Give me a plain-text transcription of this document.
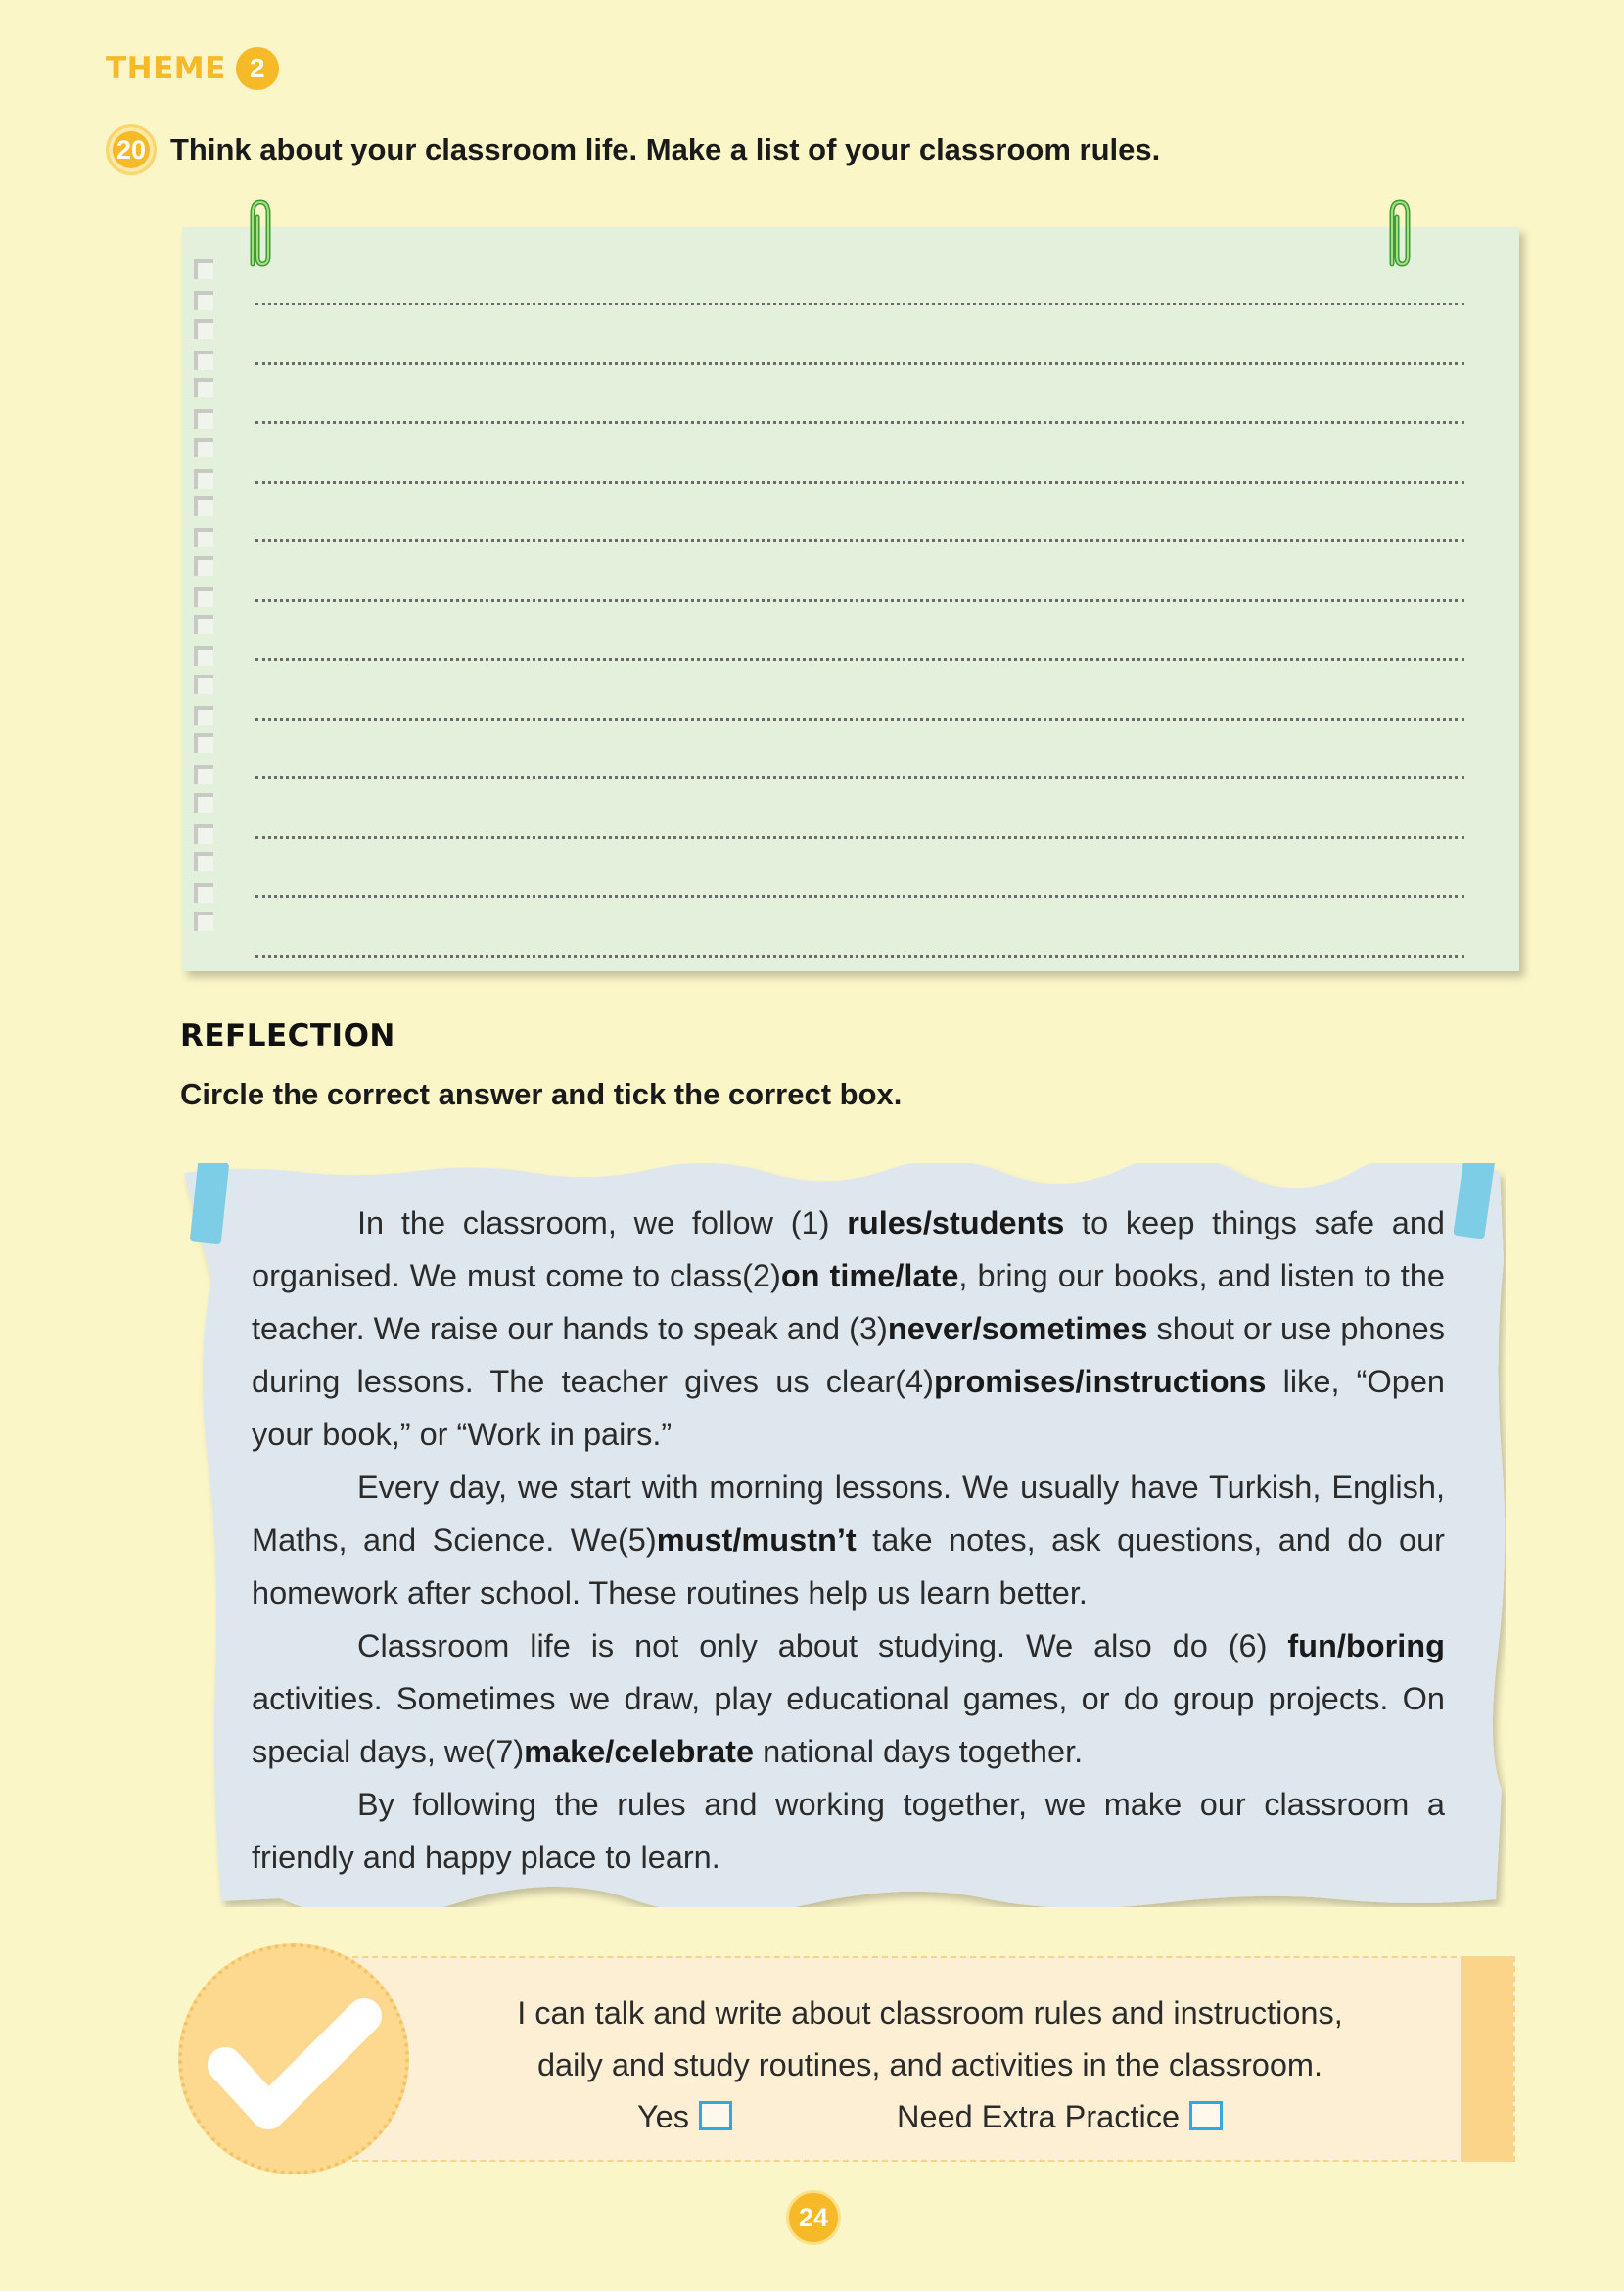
THEME 2
20 Think about your classroom life. Make a list of your classroom rules.
REFLECTION
Circle the correct answer and tick the correct box.

In the classroom, we follow (1) rules/students to keep things safe and organised. We must come to class(2)on time/late, bring our books, and listen to the teacher. We raise our hands to speak and (3)never/sometimes shout or use phones during lessons. The teacher gives us clear(4)promises/instructions like, “Open your book,” or “Work in pairs.”

Every day, we start with morning lessons. We usually have Turkish, English, Maths, and Science. We(5)must/mustn’t take notes, ask questions, and do our homework after school. These routines help us learn better.

Classroom life is not only about studying. We also do (6) fun/boring activities. Sometimes we draw, play educational games, or do group projects. On special days, we(7)make/celebrate national days together.

By following the rules and working together, we make our classroom a friendly and happy place to learn.

I can talk and write about classroom rules and instructions,
daily and study routines, and activities in the classroom.
Yes	Need Extra Practice
24
